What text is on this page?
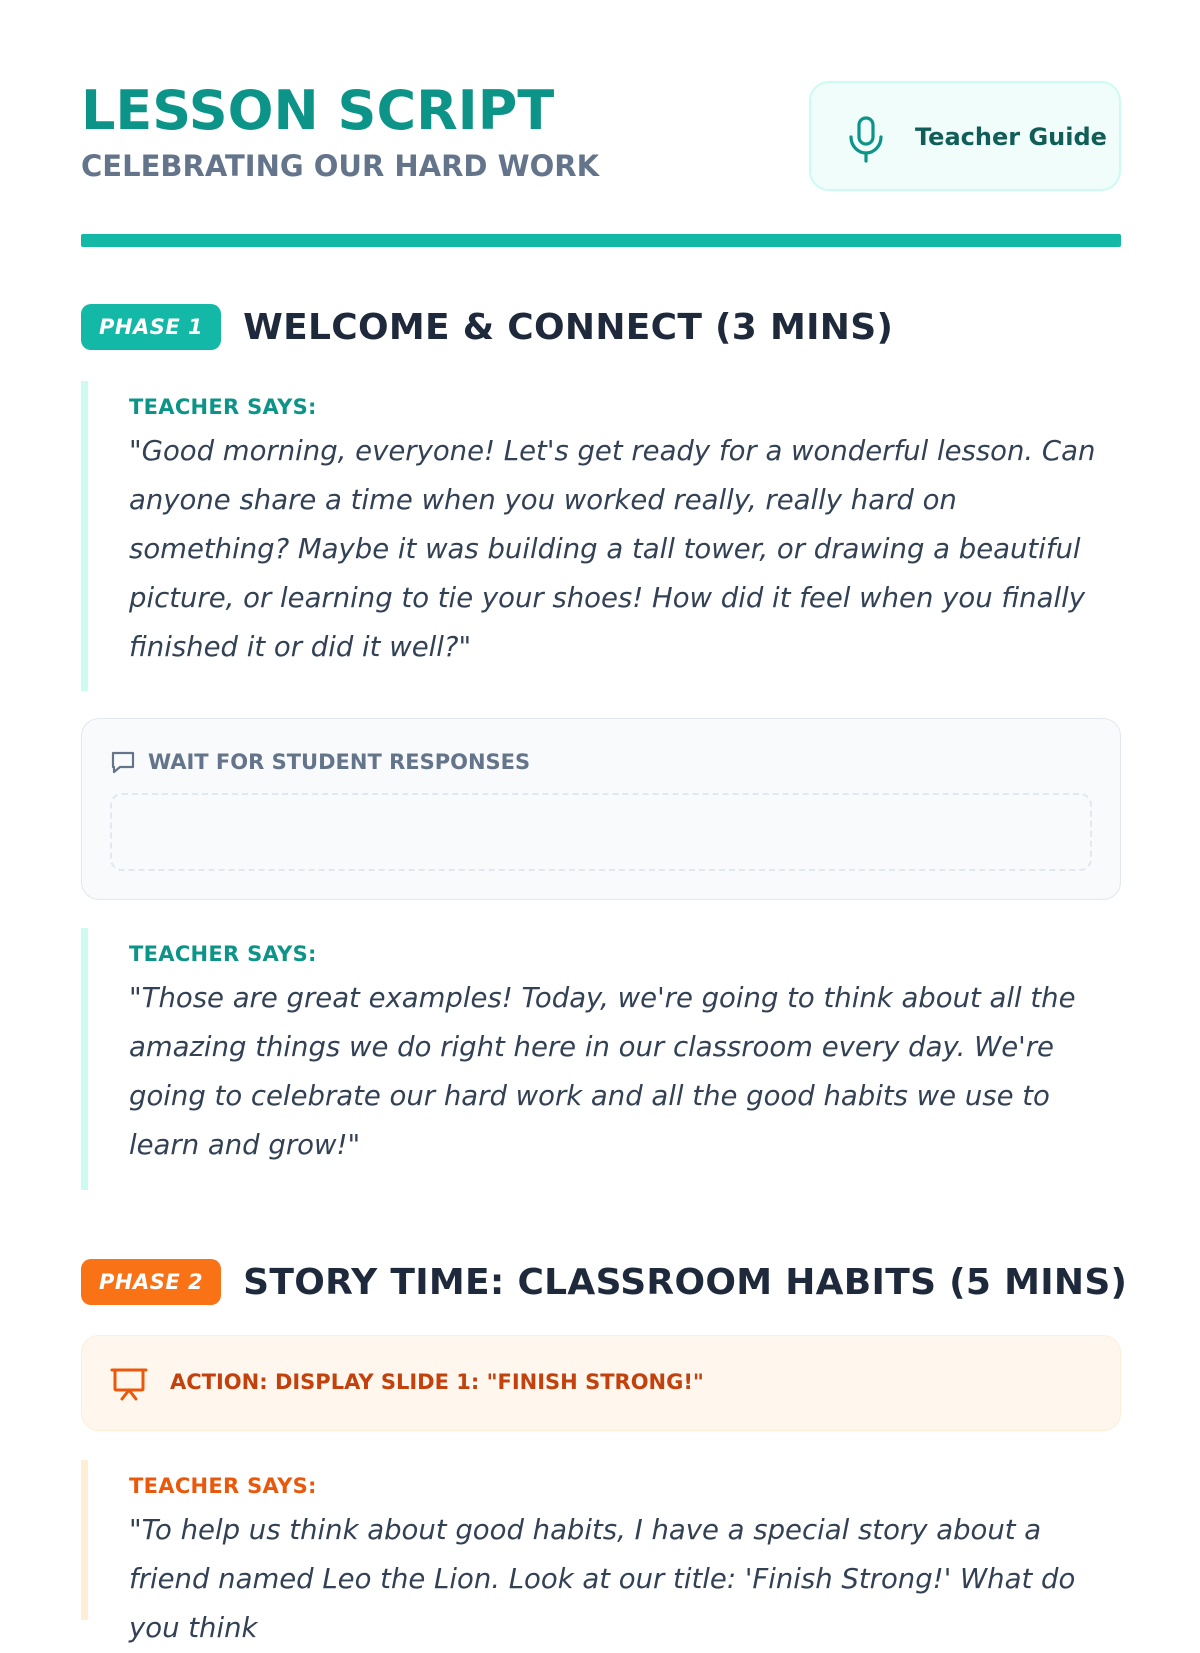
LESSON SCRIPT
CELEBRATING OUR HARD WORK
Teacher Guide
PHASE 1	WELCOME & CONNECT (3 MINS)
TEACHER SAYS:
"Good morning, everyone! Let's get ready for a wonderful lesson. Can anyone share a time when you worked really, really hard on something? Maybe it was building a tall tower, or drawing a beautiful picture, or learning to tie your shoes! How did it feel when you finally finished it or did it well?"
WAIT FOR STUDENT RESPONSES
TEACHER SAYS:
"Those are great examples! Today, we're going to think about all the amazing things we do right here in our classroom every day. We're going to celebrate our hard work and all the good habits we use to learn and grow!"
PHASE 2	STORY TIME: CLASSROOM HABITS (5 MINS)
ACTION: DISPLAY SLIDE 1: "FINISH STRONG!"
TEACHER SAYS:
"To help us think about good habits, I have a special story about a friend named Leo the Lion. Look at our title: 'Finish Strong!' What do you think
